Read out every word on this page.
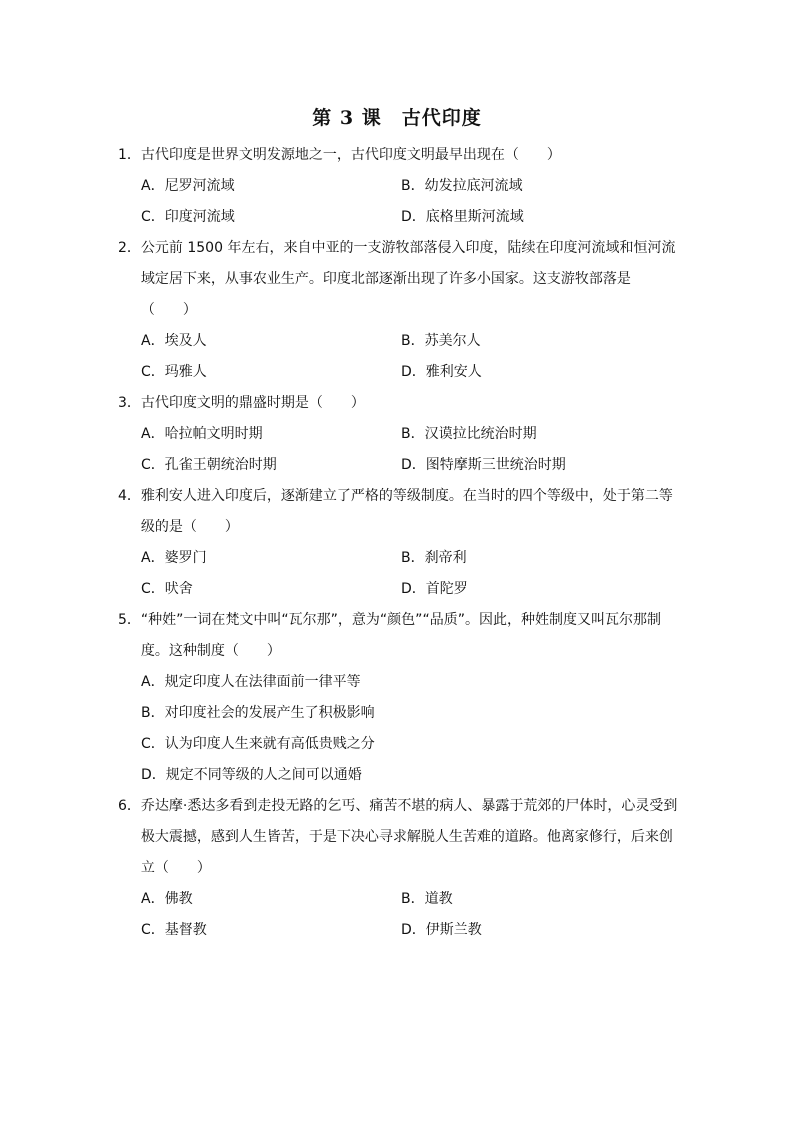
第 3 课　古代印度
1． 古代印度是世界文明发源地之一，古代印度文明最早出现在（　　）
A．尼罗河流域	B．幼发拉底河流域
C．印度河流域	D．底格里斯河流域
2． 公元前 1500 年左右，来自中亚的一支游牧部落侵入印度，陆续在印度河流域和恒河流域定居下来，从事农业生产。印度北部逐渐出现了许多小国家。这支游牧部落是（　　）
A．埃及人	B．苏美尔人
C．玛雅人	D．雅利安人
3． 古代印度文明的鼎盛时期是（　　）
A．哈拉帕文明时期	B．汉谟拉比统治时期
C．孔雀王朝统治时期	D．图特摩斯三世统治时期
4． 雅利安人进入印度后，逐渐建立了严格的等级制度。在当时的四个等级中，处于第二等级的是（　　）
A．婆罗门	B．刹帝利
C．吠舍	D．首陀罗
5． “种姓”一词在梵文中叫“瓦尔那”，意为“颜色”“品质”。因此，种姓制度又叫瓦尔那制度。这种制度（　　）
A．规定印度人在法律面前一律平等
B．对印度社会的发展产生了积极影响
C．认为印度人生来就有高低贵贱之分
D．规定不同等级的人之间可以通婚
6． 乔达摩·悉达多看到走投无路的乞丐、痛苦不堪的病人、暴露于荒郊的尸体时，心灵受到极大震撼，感到人生皆苦，于是下决心寻求解脱人生苦难的道路。他离家修行，后来创立（　　）
A．佛教	B．道教
C．基督教	D．伊斯兰教
